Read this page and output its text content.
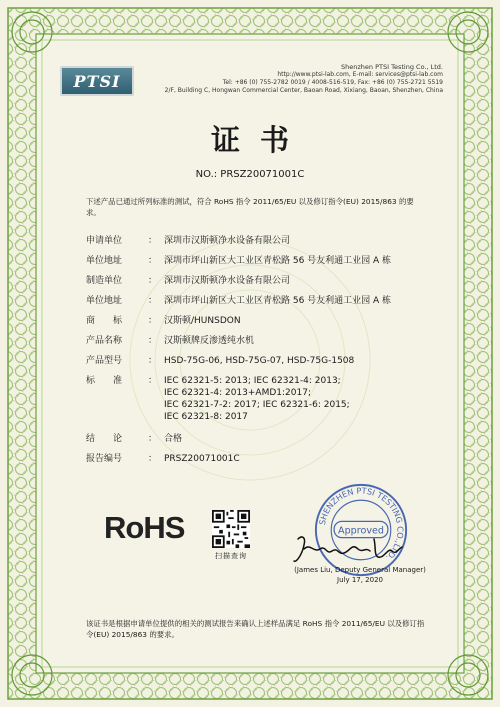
PTSI
Shenzhen PTSI Testing Co., Ltd.
http://www.ptsi-lab.com, E-mail: services@ptsi-lab.com
Tel: +86 (0) 755-2782 0019 / 4008-516-519, Fax: +86 (0) 755-2721 5519
2/F, Building C, Hongwan Commercial Center, Baoan Road, Xixiang, Baoan, Shenzhen, China
证书
NO.: PRSZ20071001C
下述产品已通过所列标准的测试，符合 RoHS 指令 2011/65/EU 以及修订指令(EU) 2015/863 的要求。
申请单位	： 深圳市汉斯顿净水设备有限公司
单位地址	： 深圳市坪山新区大工业区青松路 56 号友利通工业园 A 栋
制造单位	： 深圳市汉斯顿净水设备有限公司
单位地址	： 深圳市坪山新区大工业区青松路 56 号友利通工业园 A 栋
商　　标	： 汉斯顿/HUNSDON
产品名称	： 汉斯顿牌反渗透纯水机
产品型号	： HSD-75G-06, HSD-75G-07, HSD-75G-1508
标　　准	： IEC 62321-5: 2013; IEC 62321-4: 2013;
IEC 62321-4: 2013+AMD1:2017;
IEC 62321-7-2: 2017; IEC 62321-6: 2015;
IEC 62321-8: 2017
结　　论	： 合格
报告编号	： PRSZ20071001C
RoHS
扫描查询
SHENZHEN PTSI TESTING CO.,LTD.
Approved
(James Liu, Deputy General Manager)
July 17, 2020
该证书是根据申请单位提供的相关的测试报告来确认上述样品满足 RoHS 指令 2011/65/EU 以及修订指令(EU) 2015/863 的要求。
